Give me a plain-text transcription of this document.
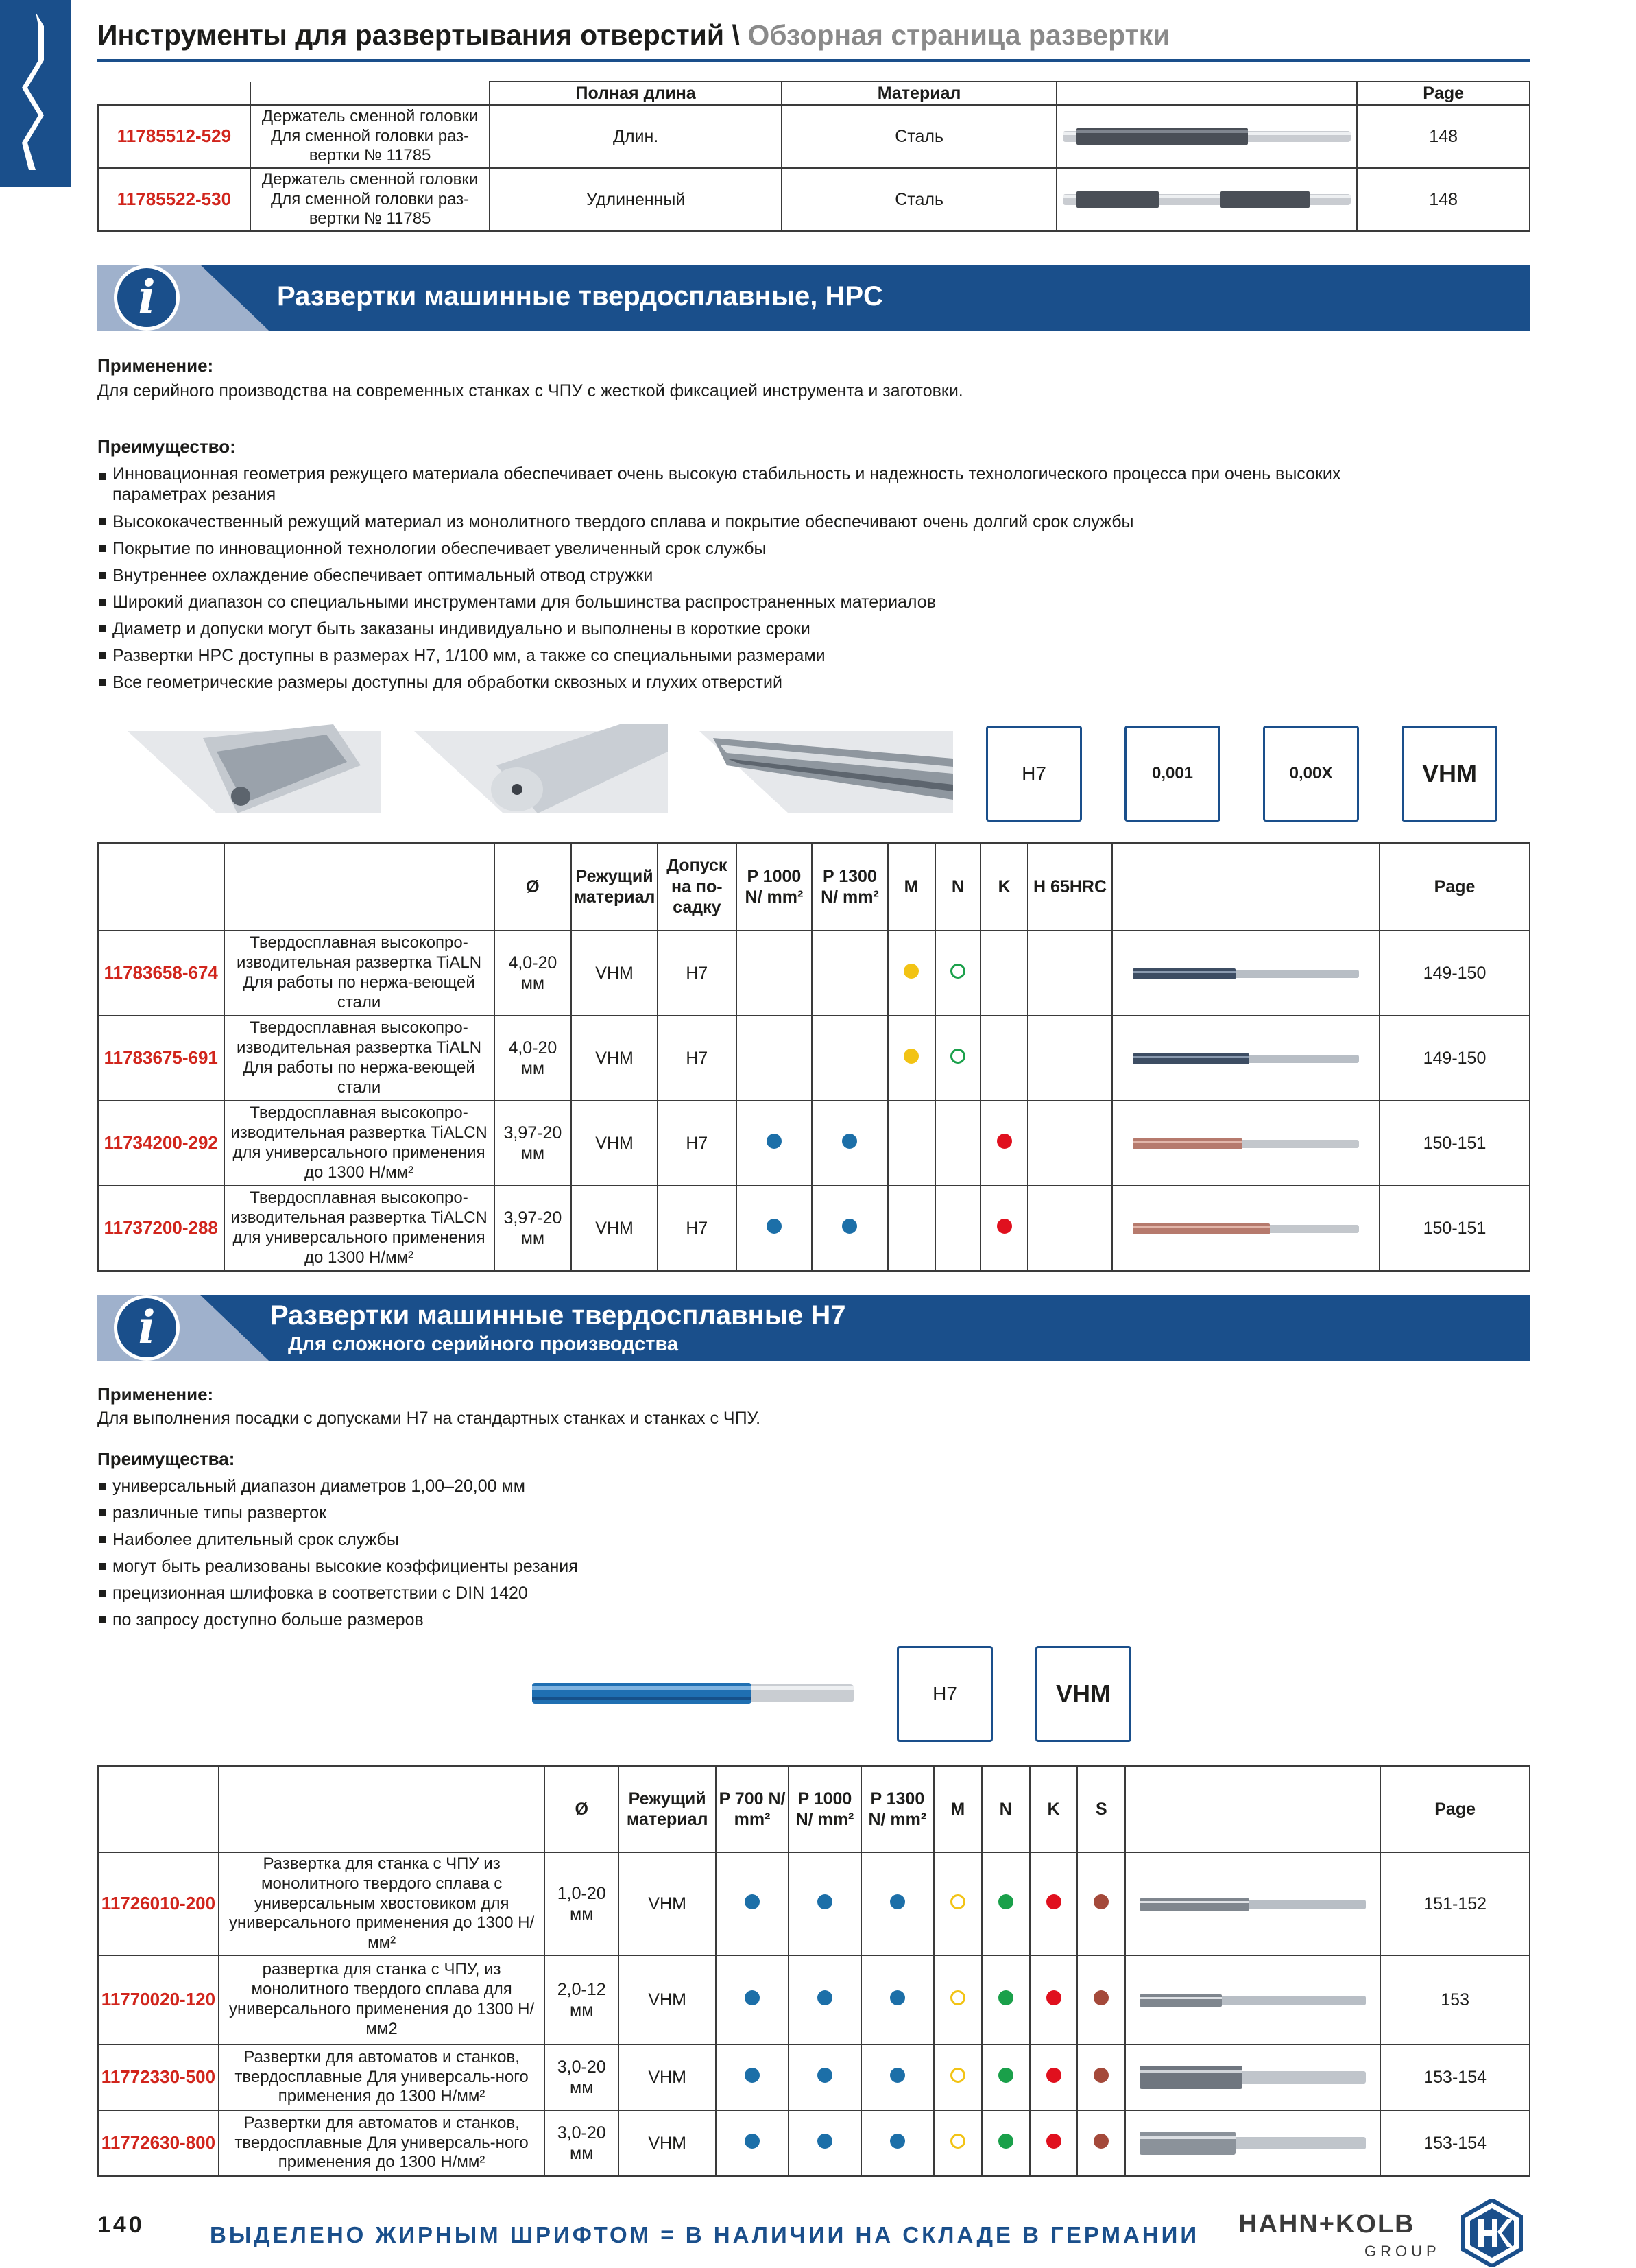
Инструменты для развертывания отверстий \ Обзорная страница развертки
		Полная длина	Материал		Page
11785512-529	Держатель сменной головки Для сменной головки раз-вертки № 11785	Длин.	Сталь		148
11785522-530	Держатель сменной головки Для сменной головки раз-вертки № 11785	Удлиненный	Сталь		148
i	Развертки машинные твердосплавные, HPC
Применение:
Для серийного производства на современных станках с ЧПУ с жесткой фиксацией инструмента и заготовки.
Преимущество:
Инновационная геометрия режущего материала обеспечивает очень высокую стабильность и надежность технологического процесса при очень высоких
параметрах резания
Высококачественный режущий материал из монолитного твердого сплава и покрытие обеспечивают очень долгий срок службы
Покрытие по инновационной технологии обеспечивает увеличенный срок службы
Внутреннее охлаждение обеспечивает оптимальный отвод стружки
Широкий диапазон со специальными инструментами для большинства распространенных материалов
Диаметр и допуски могут быть заказаны индивидуально и выполнены в короткие сроки
Развертки HPC доступны в размерах H7, 1/100 мм, а также со специальными размерами
Все геометрические размеры доступны для обработки сквозных и глухих отверстий
H7	0,001	0,00X	VHM
		Ø	Режущий материал	Допуск на по-садку	P 1000 N/ mm²	P 1300 N/ mm²	M	N	K	H 65HRC		Page
11783658-674	Твердосплавная высокопро-изводительная развертка TiALN Для работы по нержа-веющей стали	4,0-20 мм	VHM	H7								149-150
11783675-691	Твердосплавная высокопро-изводительная развертка TiALN Для работы по нержа-веющей стали	4,0-20 мм	VHM	H7								149-150
11734200-292	Твердосплавная высокопро-изводительная развертка TiALCN для универсального применения до 1300 Н/мм²	3,97-20 мм	VHM	H7								150-151
11737200-288	Твердосплавная высокопро-изводительная развертка TiALCN для универсального применения до 1300 Н/мм²	3,97-20 мм	VHM	H7								150-151
i	Развертки машинные твердосплавные H7
Для сложного серийного производства
Применение:
Для выполнения посадки с допусками H7 на стандартных станках и станках с ЧПУ.
Преимущества:
универсальный диапазон диаметров 1,00–20,00 мм
различные типы разверток
Наиболее длительный срок службы
могут быть реализованы высокие коэффициенты резания
прецизионная шлифовка в соответствии с DIN 1420
по запросу доступно больше размеров
H7	VHM
		Ø	Режущий материал	P 700 N/ mm²	P 1000 N/ mm²	P 1300 N/ mm²	M	N	K	S		Page
11726010-200	Развертка для станка с ЧПУ из монолитного твердого сплава с универсальным хвостовиком для универсального применения до 1300 Н/мм²	1,0-20 мм	VHM									151-152
11770020-120	развертка для станка с ЧПУ, из монолитного твердого сплава для универсального применения до 1300 Н/мм2	2,0-12 мм	VHM									153
11772330-500	Развертки для автоматов и станков, твердосплавные Для универсаль-ного применения до 1300 Н/мм²	3,0-20 мм	VHM									153-154
11772630-800	Развертки для автоматов и станков, твердосплавные Для универсаль-ного применения до 1300 Н/мм²	3,0-20 мм	VHM									153-154
140	ВЫДЕЛЕНО ЖИРНЫМ ШРИФТОМ = В НАЛИЧИИ НА СКЛАДЕ В ГЕРМАНИИ HAHN+KOLB
GROUP
